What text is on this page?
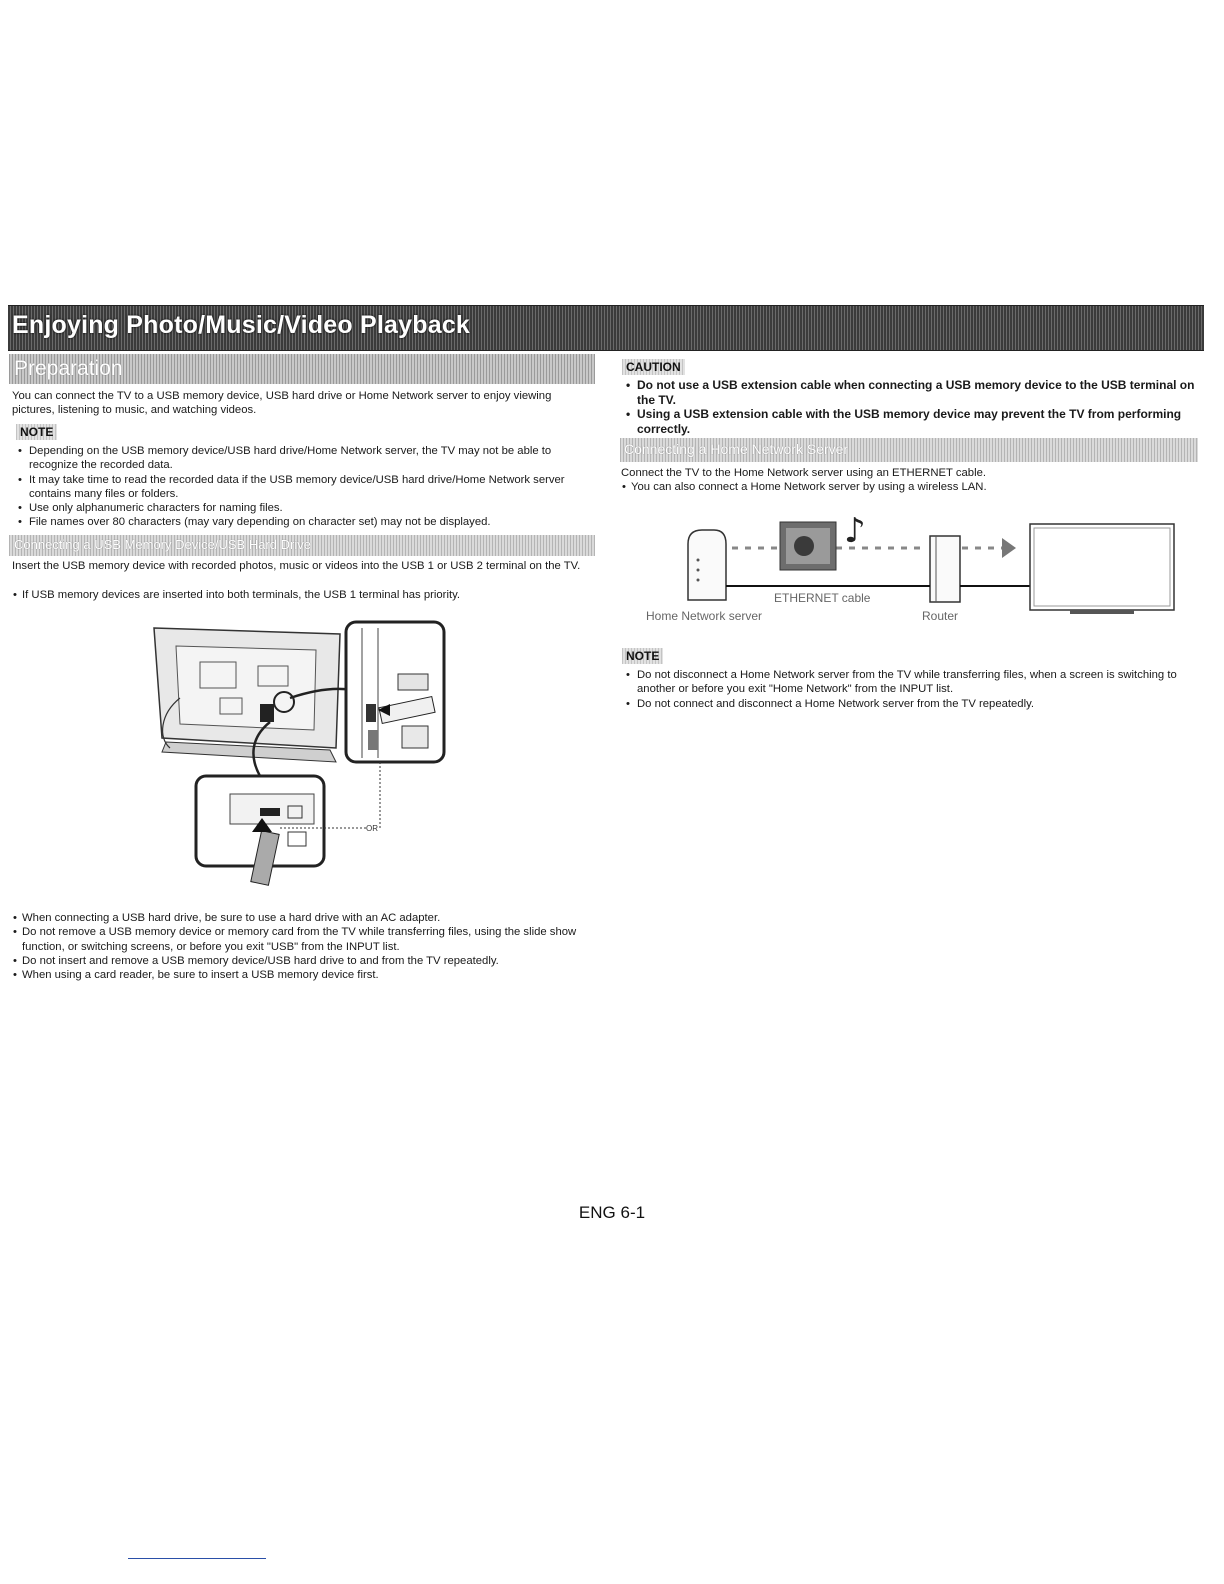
Enjoying Photo/Music/Video Playback
Preparation

You can connect the TV to a USB memory device, USB hard drive or Home Network server to enjoy viewing pictures, listening to music, and watching videos.

NOTE
• Depending on the USB memory device/USB hard drive/Home Network server, the TV may not be able to recognize the recorded data.
• It may take time to read the recorded data if the USB memory device/USB hard drive/Home Network server contains many files or folders.
• Use only alphanumeric characters for naming files.
• File names over 80 characters (may vary depending on character set) may not be displayed.
Connecting a USB Memory Device/USB Hard Drive

Insert the USB memory device with recorded photos, music or videos into the USB 1 or USB 2 terminal on the TV.

• If USB memory devices are inserted into both terminals, the USB 1 terminal has priority.
OR
• When connecting a USB hard drive, be sure to use a hard drive with an AC adapter.
• Do not remove a USB memory device or memory card from the TV while transferring files, using the slide show function, or switching screens, or before you exit "USB" from the INPUT list.
• Do not insert and remove a USB memory device/USB hard drive to and from the TV repeatedly.
• When using a card reader, be sure to insert a USB memory device first.
CAUTION
• Do not use a USB extension cable when connecting a USB memory device to the USB terminal on the TV.
• Using a USB extension cable with the USB memory device may prevent the TV from performing correctly.
Connecting a Home Network Server

Connect the TV to the Home Network server using an ETHERNET cable.

• You can also connect a Home Network server by using a wireless LAN.
♪
ETHERNET cable
Home Network server	Router
NOTE
• Do not disconnect a Home Network server from the TV while transferring files, when a screen is switching to another or before you exit "Home Network" from the INPUT list.
• Do not connect and disconnect a Home Network server from the TV repeatedly.
ENG 6-1
